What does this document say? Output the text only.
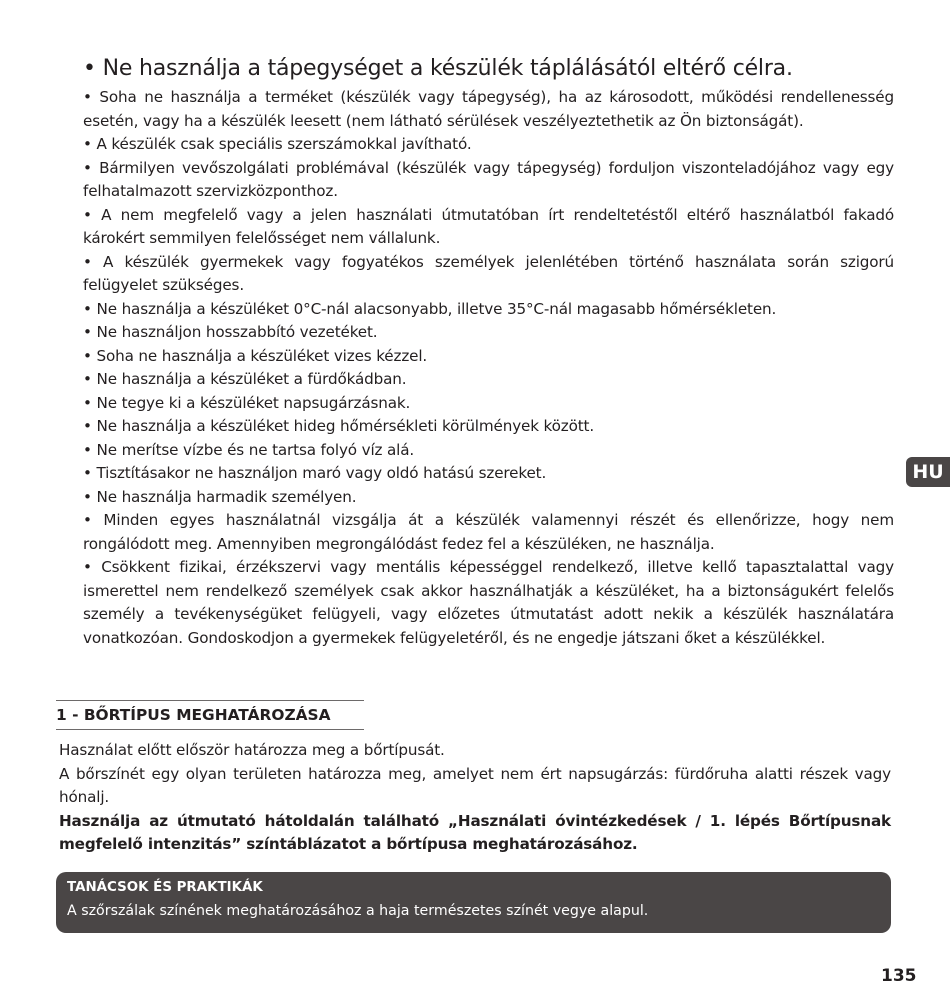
• Ne használja a tápegységet a készülék táplálásától eltérő célra.

• Soha ne használja a terméket (készülék vagy tápegység), ha az károsodott, működési rendellenesség esetén, vagy ha a készülék leesett (nem látható sérülések veszélyeztethetik az Ön biztonságát).

• A készülék csak speciális szerszámokkal javítható.

• Bármilyen vevőszolgálati problémával (készülék vagy tápegység) forduljon viszonteladójához vagy egy felhatalmazott szervizközponthoz.

• A nem megfelelő vagy a jelen használati útmutatóban írt rendeltetéstől eltérő használatból fakadó károkért semmilyen felelősséget nem vállalunk.

• A készülék gyermekek vagy fogyatékos személyek jelenlétében történő használata során szigorú felügyelet szükséges.

• Ne használja a készüléket 0°C-nál alacsonyabb, illetve 35°C-nál magasabb hőmérsékleten.

• Ne használjon hosszabbító vezetéket.

• Soha ne használja a készüléket vizes kézzel.

• Ne használja a készüléket a fürdőkádban.

• Ne tegye ki a készüléket napsugárzásnak.

• Ne használja a készüléket hideg hőmérsékleti körülmények között.

• Ne merítse vízbe és ne tartsa folyó víz alá.

• Tisztításakor ne használjon maró vagy oldó hatású szereket.

• Ne használja harmadik személyen.

• Minden egyes használatnál vizsgálja át a készülék valamennyi részét és ellenőrizze, hogy nem rongálódott meg. Amennyiben megrongálódást fedez fel a készüléken, ne használja.

• Csökkent fizikai, érzékszervi vagy mentális képességgel rendelkező, illetve kellő tapasztalattal vagy ismerettel nem rendelkező személyek csak akkor használhatják a készüléket, ha a biztonságukért felelős személy a tevékenységüket felügyeli, vagy előzetes útmutatást adott nekik a készülék használatára vonatkozóan. Gondoskodjon a gyermekek felügyeletéről, és ne engedje játszani őket a készülékkel.

HU
1 - BŐRTÍPUS MEGHATÁROZÁSA

Használat előtt először határozza meg a bőrtípusát.

A bőrszínét egy olyan területen határozza meg, amelyet nem ért napsugárzás: fürdőruha alatti részek vagy hónalj.

Használja az útmutató hátoldalán található „Használati óvintézkedések / 1. lépés Bőrtípusnak megfelelő intenzitás” színtáblázatot a bőrtípusa meghatározásához.

TANÁCSOK ÉS PRAKTIKÁK
A szőrszálak színének meghatározásához a haja természetes színét vegye alapul.
135
